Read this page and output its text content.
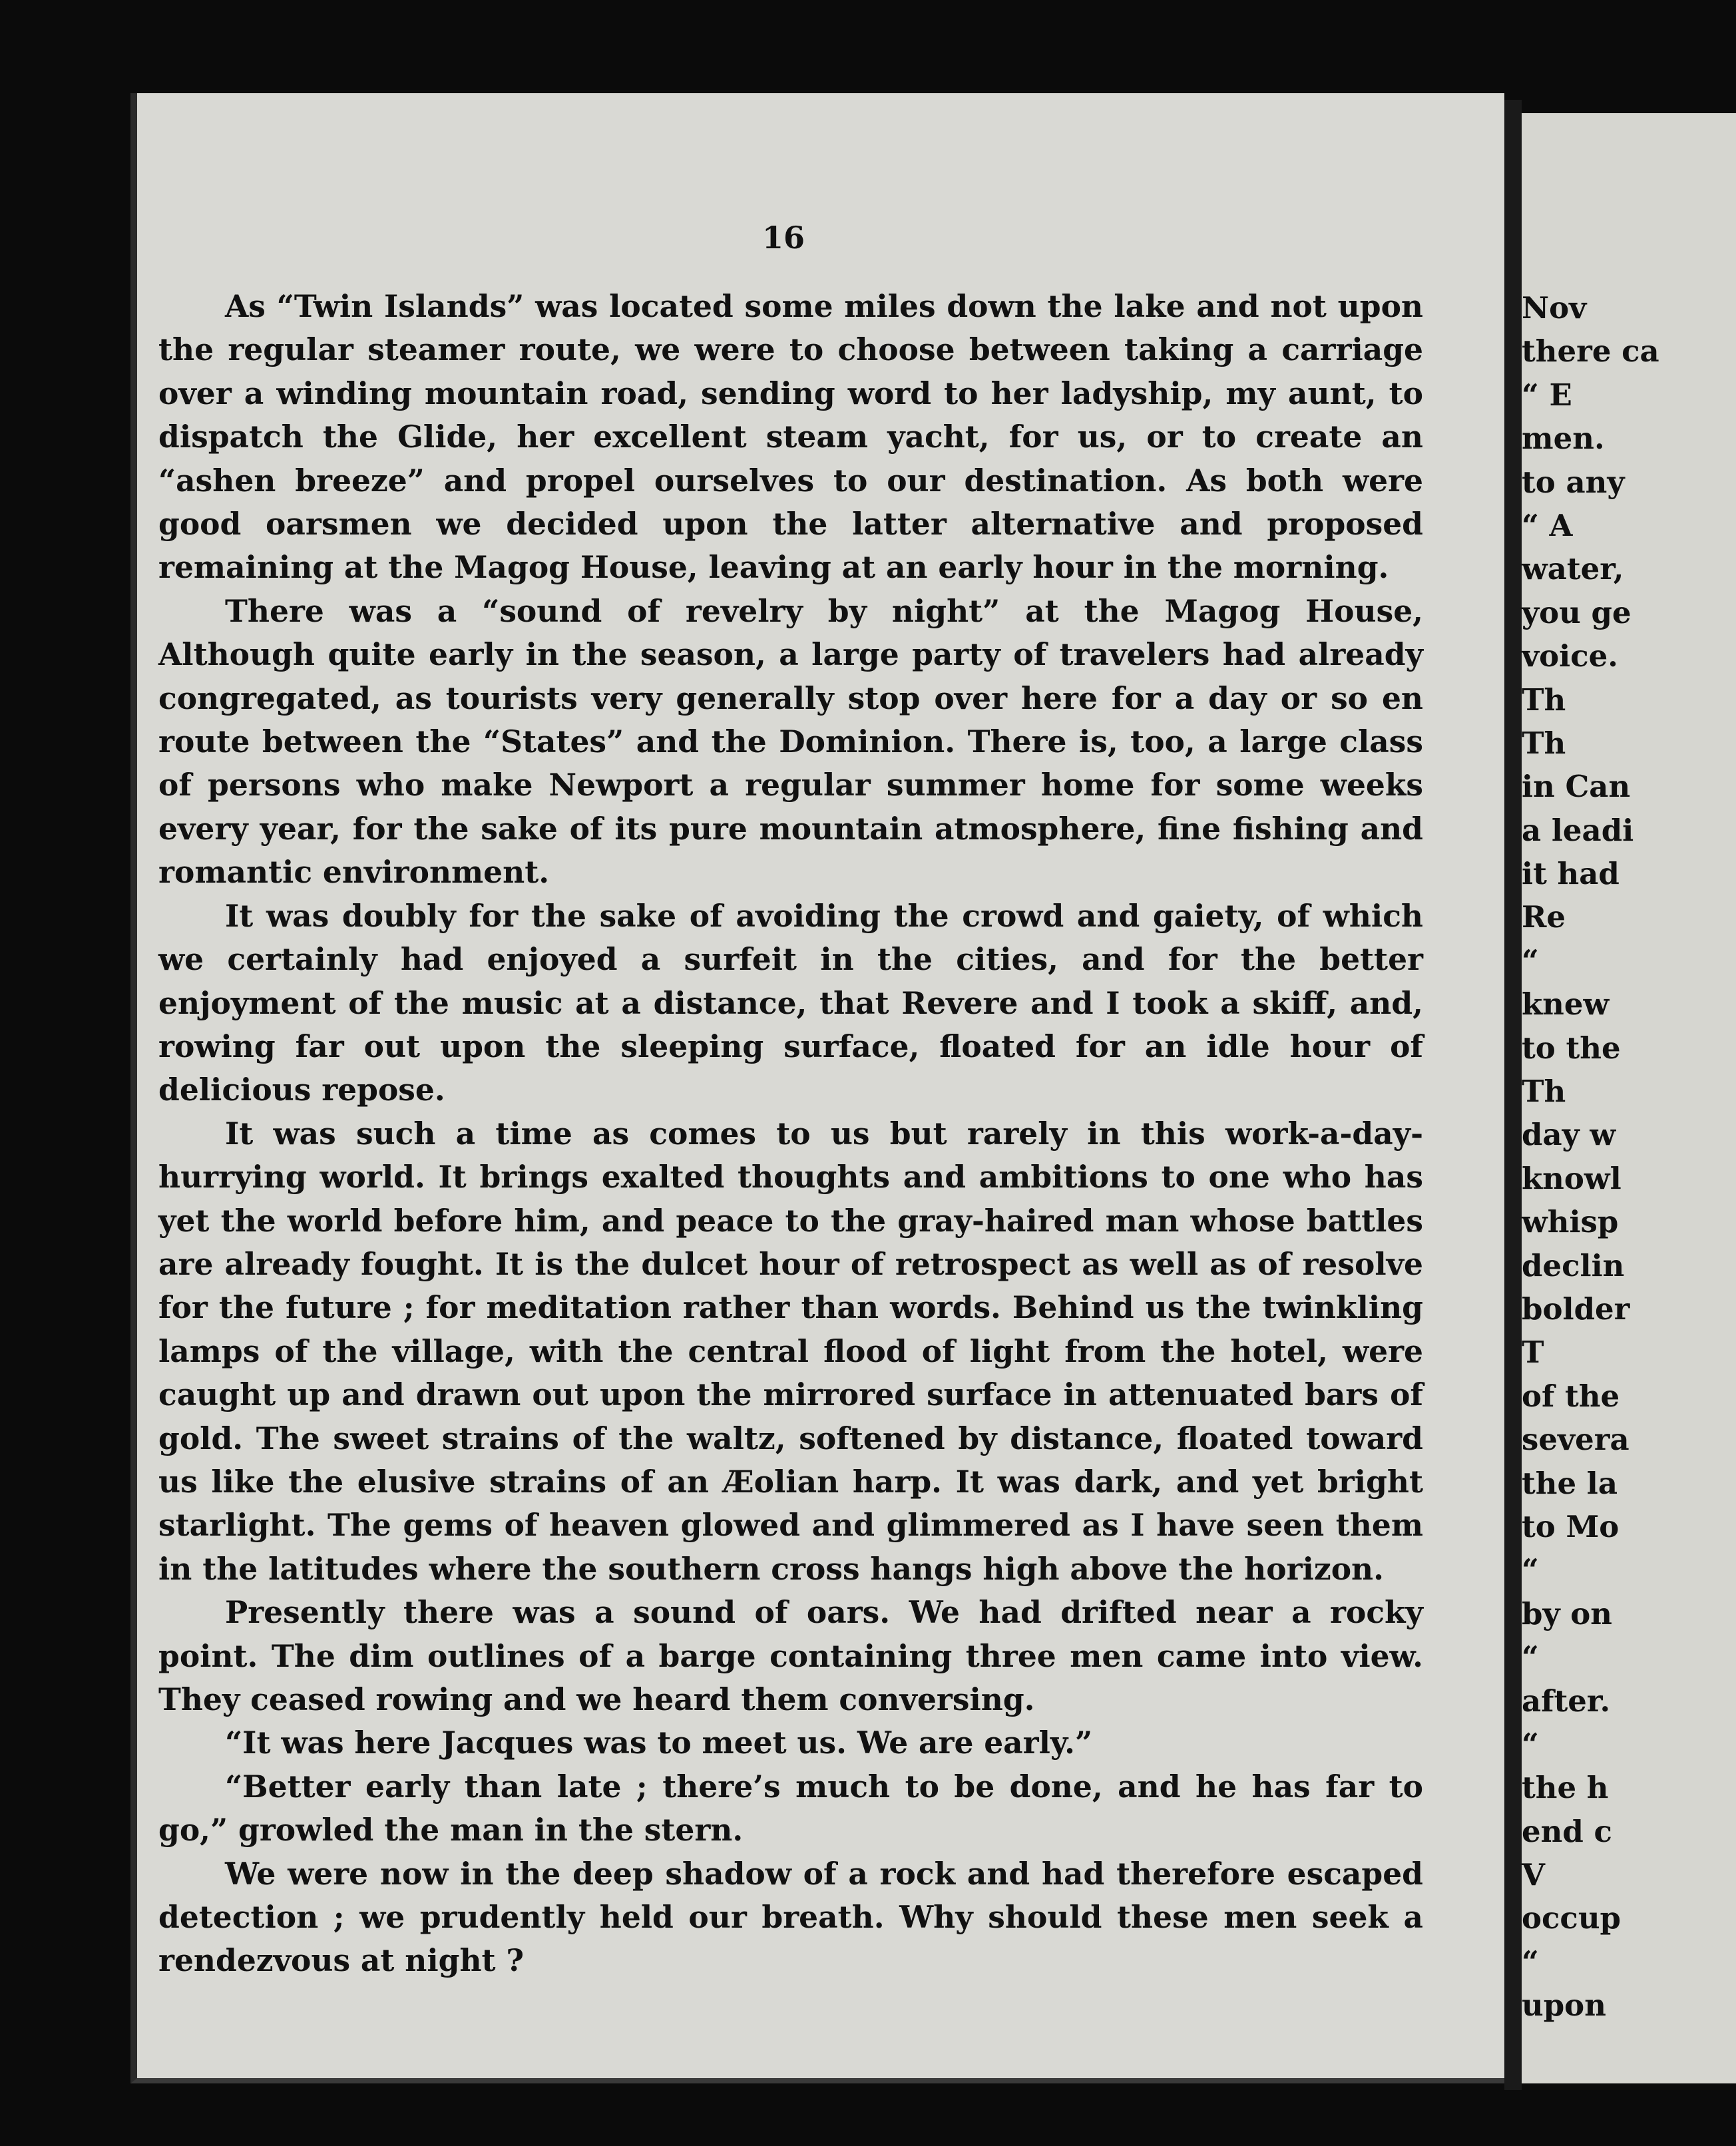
Nov
there ca
“ E
men.
to any
“ A
water,
you ge
voice.
Th
Th
in Can
a leadi
it had
Re
“
knew
to the
Th
day w
knowl
whisp
declin
bolder
T
of the
severa
the la
to Mo
“
by on
“
after.
“
the h
end c
V
occup
“
upon
16

As “Twin Islands” was located some miles down the lake and not upon the regular steamer route, we were to choose between taking a carriage over a winding mountain road, sending word to her ladyship, my aunt, to dispatch the Glide, her excellent steam yacht, for us, or to create an “ashen breeze” and propel ourselves to our destination. As both were good oarsmen we decided upon the latter alternative and proposed remaining at the Magog House, leaving at an early hour in the morning.

There was a “sound of revelry by night” at the Magog House, Although quite early in the season, a large party of travelers had already congregated, as tourists very generally stop over here for a day or so en route between the “States” and the Dominion. There is, too, a large class of persons who make Newport a regular summer home for some weeks every year, for the sake of its pure mountain atmosphere, fine fishing and romantic environment.

It was doubly for the sake of avoiding the crowd and gaiety, of which we certainly had enjoyed a surfeit in the cities, and for the better enjoyment of the music at a distance, that Revere and I took a skiff, and, rowing far out upon the sleeping surface, floated for an idle hour of delicious repose.

It was such a time as comes to us but rarely in this work-a-day-hurrying world. It brings exalted thoughts and ambitions to one who has yet the world before him, and peace to the gray-haired man whose battles are already fought. It is the dulcet hour of retrospect as well as of resolve for the future ; for meditation rather than words. Behind us the twinkling lamps of the village, with the central flood of light from the hotel, were caught up and drawn out upon the mirrored surface in attenuated bars of gold. The sweet strains of the waltz, softened by distance, floated toward us like the elusive strains of an Æolian harp. It was dark, and yet bright starlight. The gems of heaven glowed and glimmered as I have seen them in the latitudes where the southern cross hangs high above the horizon.

Presently there was a sound of oars. We had drifted near a rocky point. The dim outlines of a barge containing three men came into view. They ceased rowing and we heard them conversing.

“It was here Jacques was to meet us. We are early.”

“Better early than late ; there’s much to be done, and he has far to go,” growled the man in the stern.

We were now in the deep shadow of a rock and had therefore escaped detection ; we prudently held our breath. Why should these men seek a rendezvous at night ?
